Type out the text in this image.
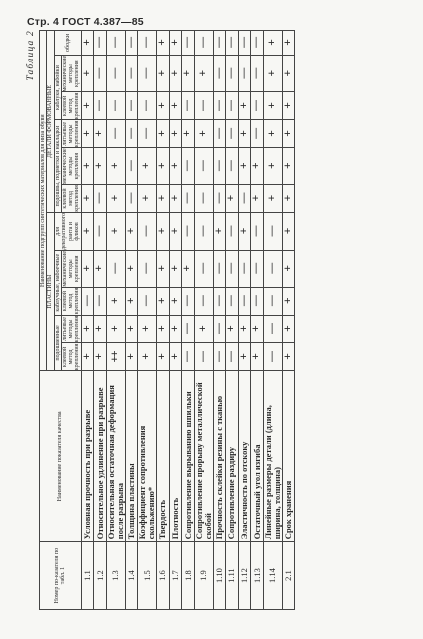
Стр. 4 ГОСТ 4.387—85
Таблица 2
Номер по-казателя по табл. 1	Наименование показателя качества	Наименование подгрупп синтетических материалов для низа обуви										
		ПЛАСТИНЫ					ДЕТАЛИ ФОРМОВАННЫЕ					
		подошвенные		каблучные, набоечные		для декоративного ранта и фликов	подошвы, подметки и накладки			каблуки, набойки		ободки
		клеевой метод крепления	литьевые методы крепления	клеевой метод крепления	механические методы крепления		клеевой метод крепления	механические методы крепления	литьевые методы крепления	клеевой метод крепления	механические методы крепления	
1.1	Условная прочность при разрыве	+	+	—	+	+	+	+	+	+	+	+
1.2	Относительное удлинение при разрыве	+	+	—	+	—	—	+	+	—	—	—
1.3	Относительная остаточная деформация после разрыва	++	+	+	—	+	+	+	—	—	—	—
1.4	Толщина пластины	+	+	+	+	+	—	—	—	—	—	—
1.5	Коэффициент сопротивления скольжению*	+	+	—	—	—	+	+	—	—	—	—
1.6	Твердость	+	+	+	+	+	+	+	+	+	+	+
1.7	Плотность	+	+	+	+	+	+	+	+	+	+	+
1.8	Сопротивление вырыванию шпильки	—	—	—	+	—	—	—	+	—	+	—
1.9	Сопротивление прорыву металлической скобой	—	+	—	—	—	—	—	+	—	+	—
1.10	Прочность склейки резины с тканью	—	—	—	—	+	—	—	—	—	—	—
1.11	Сопротивление раздиру	—	+	—	—	—	+	—	—	—	—	—
1.12	Эластичность по отскоку	+	+	—	—	+	—	+	+	+	—	—
1.13	Остаточный угол изгиба	+	+	—	—	—	+	+	—	—	—	—
1.14	Линейные размеры детали (длина, ширина, толщина)	—	—	—	—	—	+	+	+	+	+	+
2.1	Срок хранения	+	+	+	+	+	+	+	+	+	+	+
